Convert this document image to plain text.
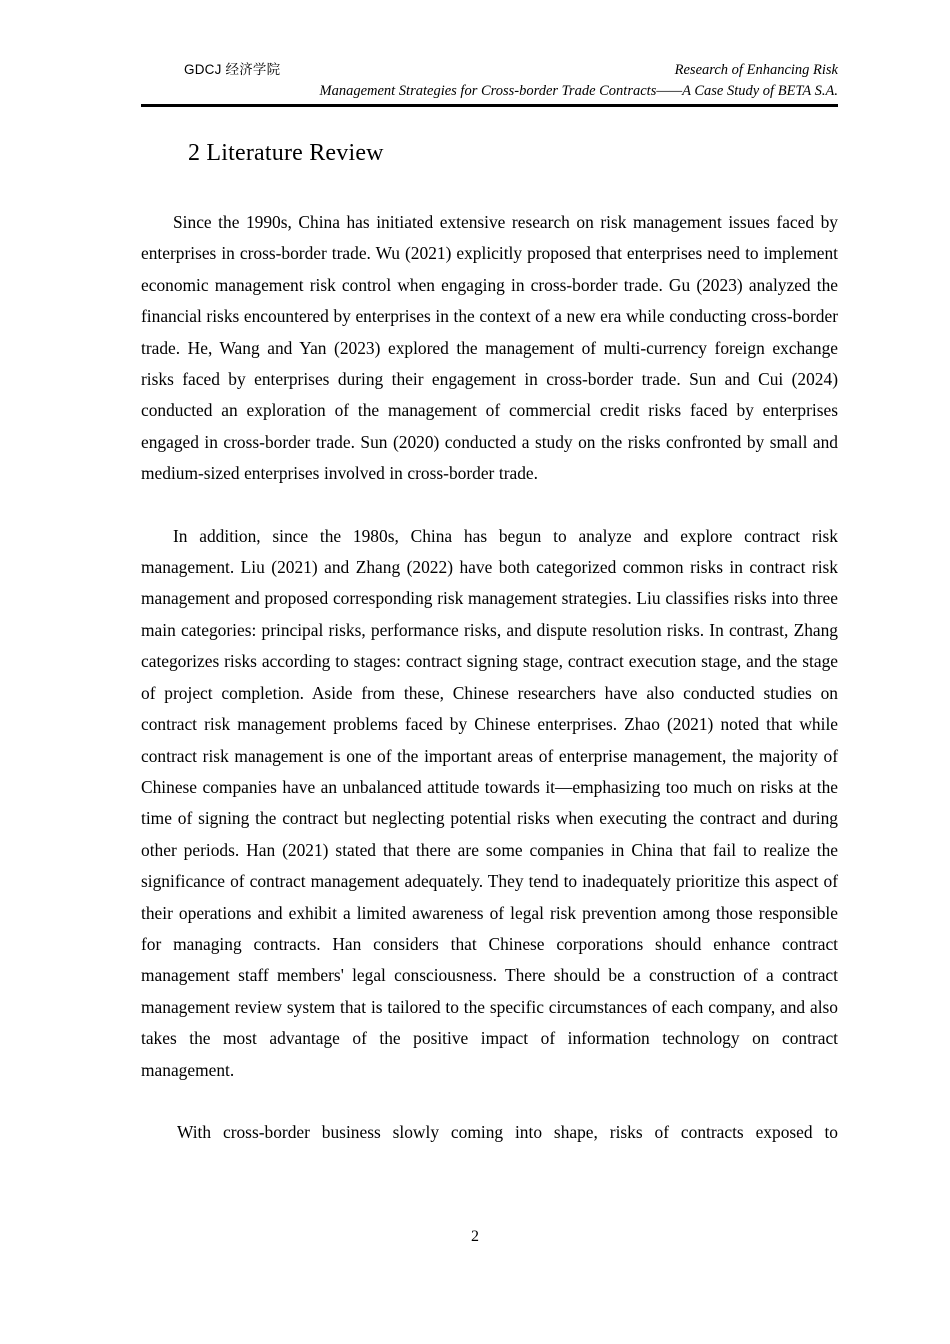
GDCJ 经济学院	Research of Enhancing Risk
Management Strategies for Cross-border Trade Contracts——A Case Study of BETA S.A.
2 Literature Review

Since the 1990s, China has initiated extensive research on risk management issues faced by enterprises in cross-border trade. Wu (2021) explicitly proposed that enterprises need to implement economic management risk control when engaging in cross-border trade. Gu (2023) analyzed the financial risks encountered by enterprises in the context of a new era while conducting cross-border trade. He, Wang and Yan (2023) explored the management of multi-currency foreign exchange risks faced by enterprises during their engagement in cross-border trade. Sun and Cui (2024) conducted an exploration of the management of commercial credit risks faced by enterprises engaged in cross-border trade. Sun (2020) conducted a study on the risks confronted by small and medium-sized enterprises involved in cross-border trade.

In addition, since the 1980s, China has begun to analyze and explore contract risk management. Liu (2021) and Zhang (2022) have both categorized common risks in contract risk management and proposed corresponding risk management strategies. Liu classifies risks into three main categories: principal risks, performance risks, and dispute resolution risks. In contrast, Zhang categorizes risks according to stages: contract signing stage, contract execution stage, and the stage of project completion. Aside from these, Chinese researchers have also conducted studies on contract risk management problems faced by Chinese enterprises. Zhao (2021) noted that while contract risk management is one of the important areas of enterprise management, the majority of Chinese companies have an unbalanced attitude towards it—emphasizing too much on risks at the time of signing the contract but neglecting potential risks when executing the contract and during other periods. Han (2021) stated that there are some companies in China that fail to realize the significance of contract management adequately. They tend to inadequately prioritize this aspect of their operations and exhibit a limited awareness of legal risk prevention among those responsible for managing contracts. Han considers that Chinese corporations should enhance contract management staff members' legal consciousness. There should be a construction of a contract management review system that is tailored to the specific circumstances of each company, and also takes the most advantage of the positive impact of information technology on contract management.

With cross-border business slowly coming into shape, risks of contracts exposed to

2
